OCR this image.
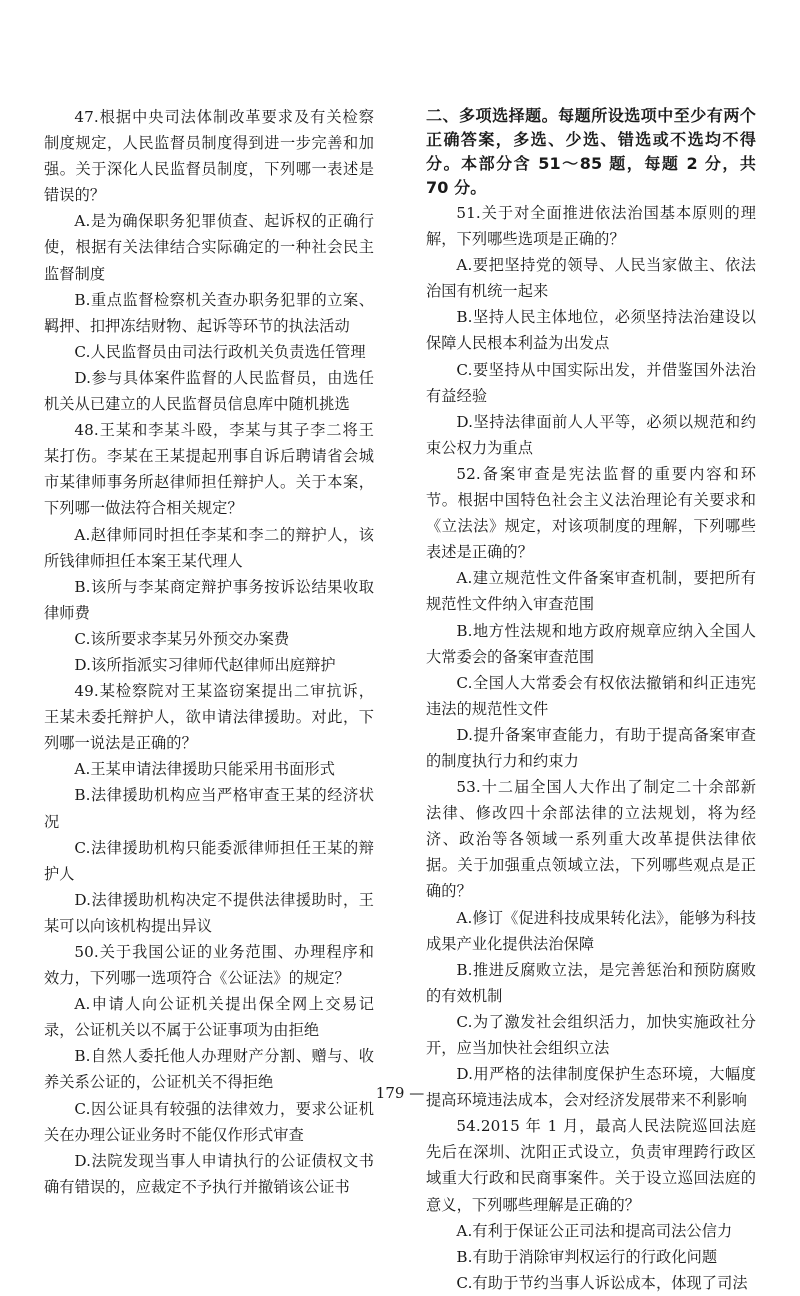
47.根据中央司法体制改革要求及有关检察制度规定，人民监督员制度得到进一步完善和加强。关于深化人民监督员制度，下列哪一表述是错误的？

A.是为确保职务犯罪侦查、起诉权的正确行使，根据有关法律结合实际确定的一种社会民主监督制度

B.重点监督检察机关查办职务犯罪的立案、羁押、扣押冻结财物、起诉等环节的执法活动

C.人民监督员由司法行政机关负责选任管理

D.参与具体案件监督的人民监督员，由选任机关从已建立的人民监督员信息库中随机挑选

48.王某和李某斗殴，李某与其子李二将王某打伤。李某在王某提起刑事自诉后聘请省会城市某律师事务所赵律师担任辩护人。关于本案，下列哪一做法符合相关规定？

A.赵律师同时担任李某和李二的辩护人，该所钱律师担任本案王某代理人

B.该所与李某商定辩护事务按诉讼结果收取律师费

C.该所要求李某另外预交办案费

D.该所指派实习律师代赵律师出庭辩护

49.某检察院对王某盗窃案提出二审抗诉，王某未委托辩护人，欲申请法律援助。对此，下列哪一说法是正确的？

A.王某申请法律援助只能采用书面形式

B.法律援助机构应当严格审查王某的经济状况

C.法律援助机构只能委派律师担任王某的辩护人

D.法律援助机构决定不提供法律援助时，王某可以向该机构提出异议

50.关于我国公证的业务范围、办理程序和效力，下列哪一选项符合《公证法》的规定？

A.申请人向公证机关提出保全网上交易记录，公证机关以不属于公证事项为由拒绝

B.自然人委托他人办理财产分割、赠与、收养关系公证的，公证机关不得拒绝

C.因公证具有较强的法律效力，要求公证机关在办理公证业务时不能仅作形式审查

D.法院发现当事人申请执行的公证债权文书确有错误的，应裁定不予执行并撤销该公证书

二、多项选择题。每题所设选项中至少有两个正确答案，多选、少选、错选或不选均不得分。本部分含 51～85 题，每题 2 分，共 70 分。

51.关于对全面推进依法治国基本原则的理解，下列哪些选项是正确的？

A.要把坚持党的领导、人民当家做主、依法治国有机统一起来

B.坚持人民主体地位，必须坚持法治建设以保障人民根本利益为出发点

C.要坚持从中国实际出发，并借鉴国外法治有益经验

D.坚持法律面前人人平等，必须以规范和约束公权力为重点

52.备案审查是宪法监督的重要内容和环节。根据中国特色社会主义法治理论有关要求和《立法法》规定，对该项制度的理解，下列哪些表述是正确的？

A.建立规范性文件备案审查机制，要把所有规范性文件纳入审查范围

B.地方性法规和地方政府规章应纳入全国人大常委会的备案审查范围

C.全国人大常委会有权依法撤销和纠正违宪违法的规范性文件

D.提升备案审查能力，有助于提高备案审查的制度执行力和约束力

53.十二届全国人大作出了制定二十余部新法律、修改四十余部法律的立法规划，将为经济、政治等各领域一系列重大改革提供法律依据。关于加强重点领域立法，下列哪些观点是正确的？

A.修订《促进科技成果转化法》，能够为科技成果产业化提供法治保障

B.推进反腐败立法，是完善惩治和预防腐败的有效机制

C.为了激发社会组织活力，加快实施政社分开，应当加快社会组织立法

D.用严格的法律制度保护生态环境，大幅度提高环境违法成本，会对经济发展带来不利影响

54.2015 年 1 月，最高人民法院巡回法庭先后在深圳、沈阳正式设立，负责审理跨行政区域重大行政和民商事案件。关于设立巡回法庭的意义，下列哪些理解是正确的？

A.有利于保证公正司法和提高司法公信力

B.有助于消除审判权运行的行政化问题

C.有助于节约当事人诉讼成本，体现了司法

179 —
